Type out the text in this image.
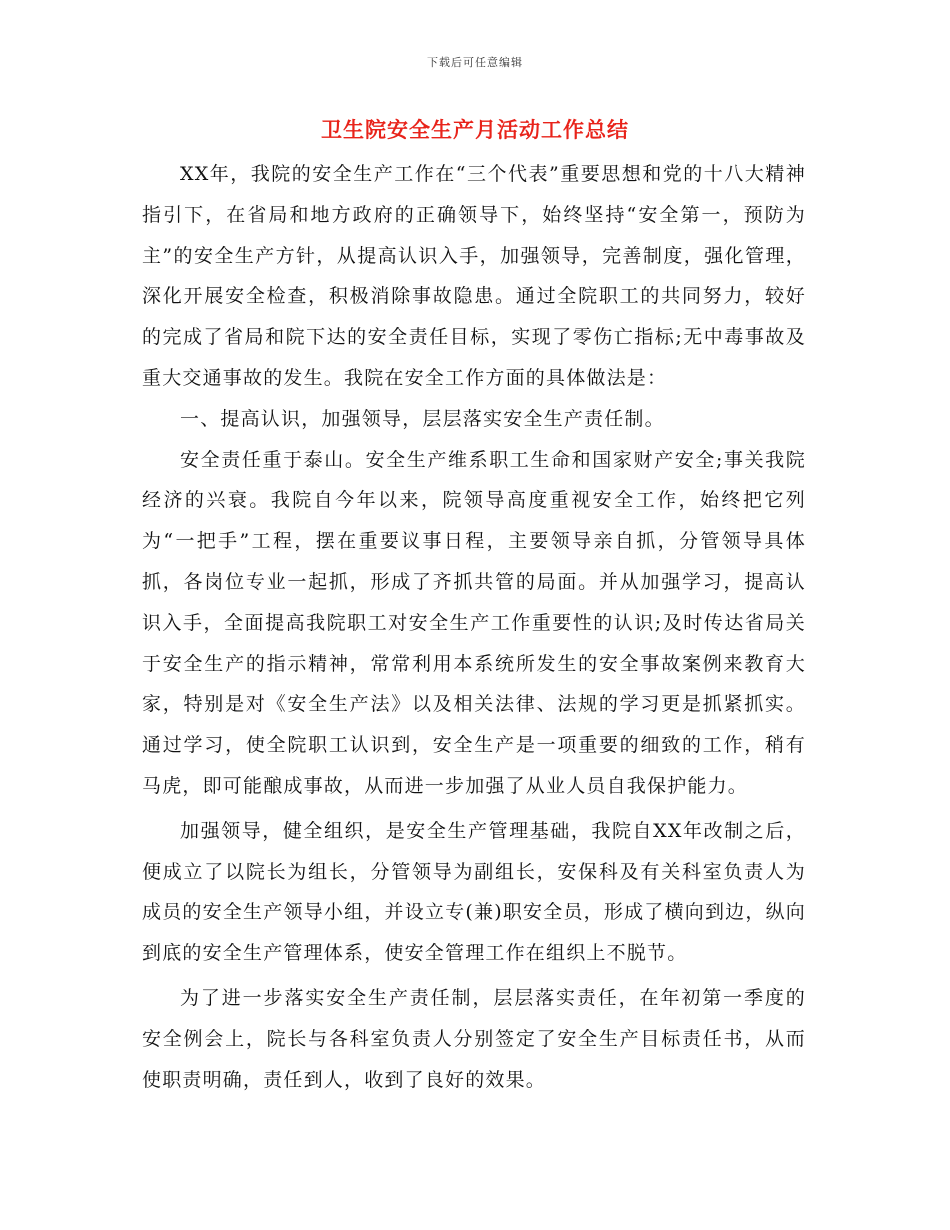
下载后可任意编辑
卫生院安全生产月活动工作总结

XX年，我院的安全生产工作在“三个代表”重要思想和党的十八大精神指引下，在省局和地方政府的正确领导下，始终坚持“安全第一，预防为主”的安全生产方针，从提高认识入手，加强领导，完善制度，强化管理，深化开展安全检查，积极消除事故隐患。通过全院职工的共同努力，较好的完成了省局和院下达的安全责任目标，实现了零伤亡指标;无中毒事故及重大交通事故的发生。我院在安全工作方面的具体做法是：

一、提高认识，加强领导，层层落实安全生产责任制。

安全责任重于泰山。安全生产维系职工生命和国家财产安全;事关我院经济的兴衰。我院自今年以来，院领导高度重视安全工作，始终把它列为“一把手”工程，摆在重要议事日程，主要领导亲自抓，分管领导具体抓，各岗位专业一起抓，形成了齐抓共管的局面。并从加强学习，提高认识入手，全面提高我院职工对安全生产工作重要性的认识;及时传达省局关于安全生产的指示精神，常常利用本系统所发生的安全事故案例来教育大家，特别是对《安全生产法》以及相关法律、法规的学习更是抓紧抓实。通过学习，使全院职工认识到，安全生产是一项重要的细致的工作，稍有马虎，即可能酿成事故，从而进一步加强了从业人员自我保护能力。

加强领导，健全组织，是安全生产管理基础，我院自XX年改制之后，便成立了以院长为组长，分管领导为副组长，安保科及有关科室负责人为成员的安全生产领导小组，并设立专(兼)职安全员，形成了横向到边，纵向到底的安全生产管理体系，使安全管理工作在组织上不脱节。

为了进一步落实安全生产责任制，层层落实责任，在年初第一季度的安全例会上，院长与各科室负责人分别签定了安全生产目标责任书，从而使职责明确，责任到人，收到了良好的效果。
